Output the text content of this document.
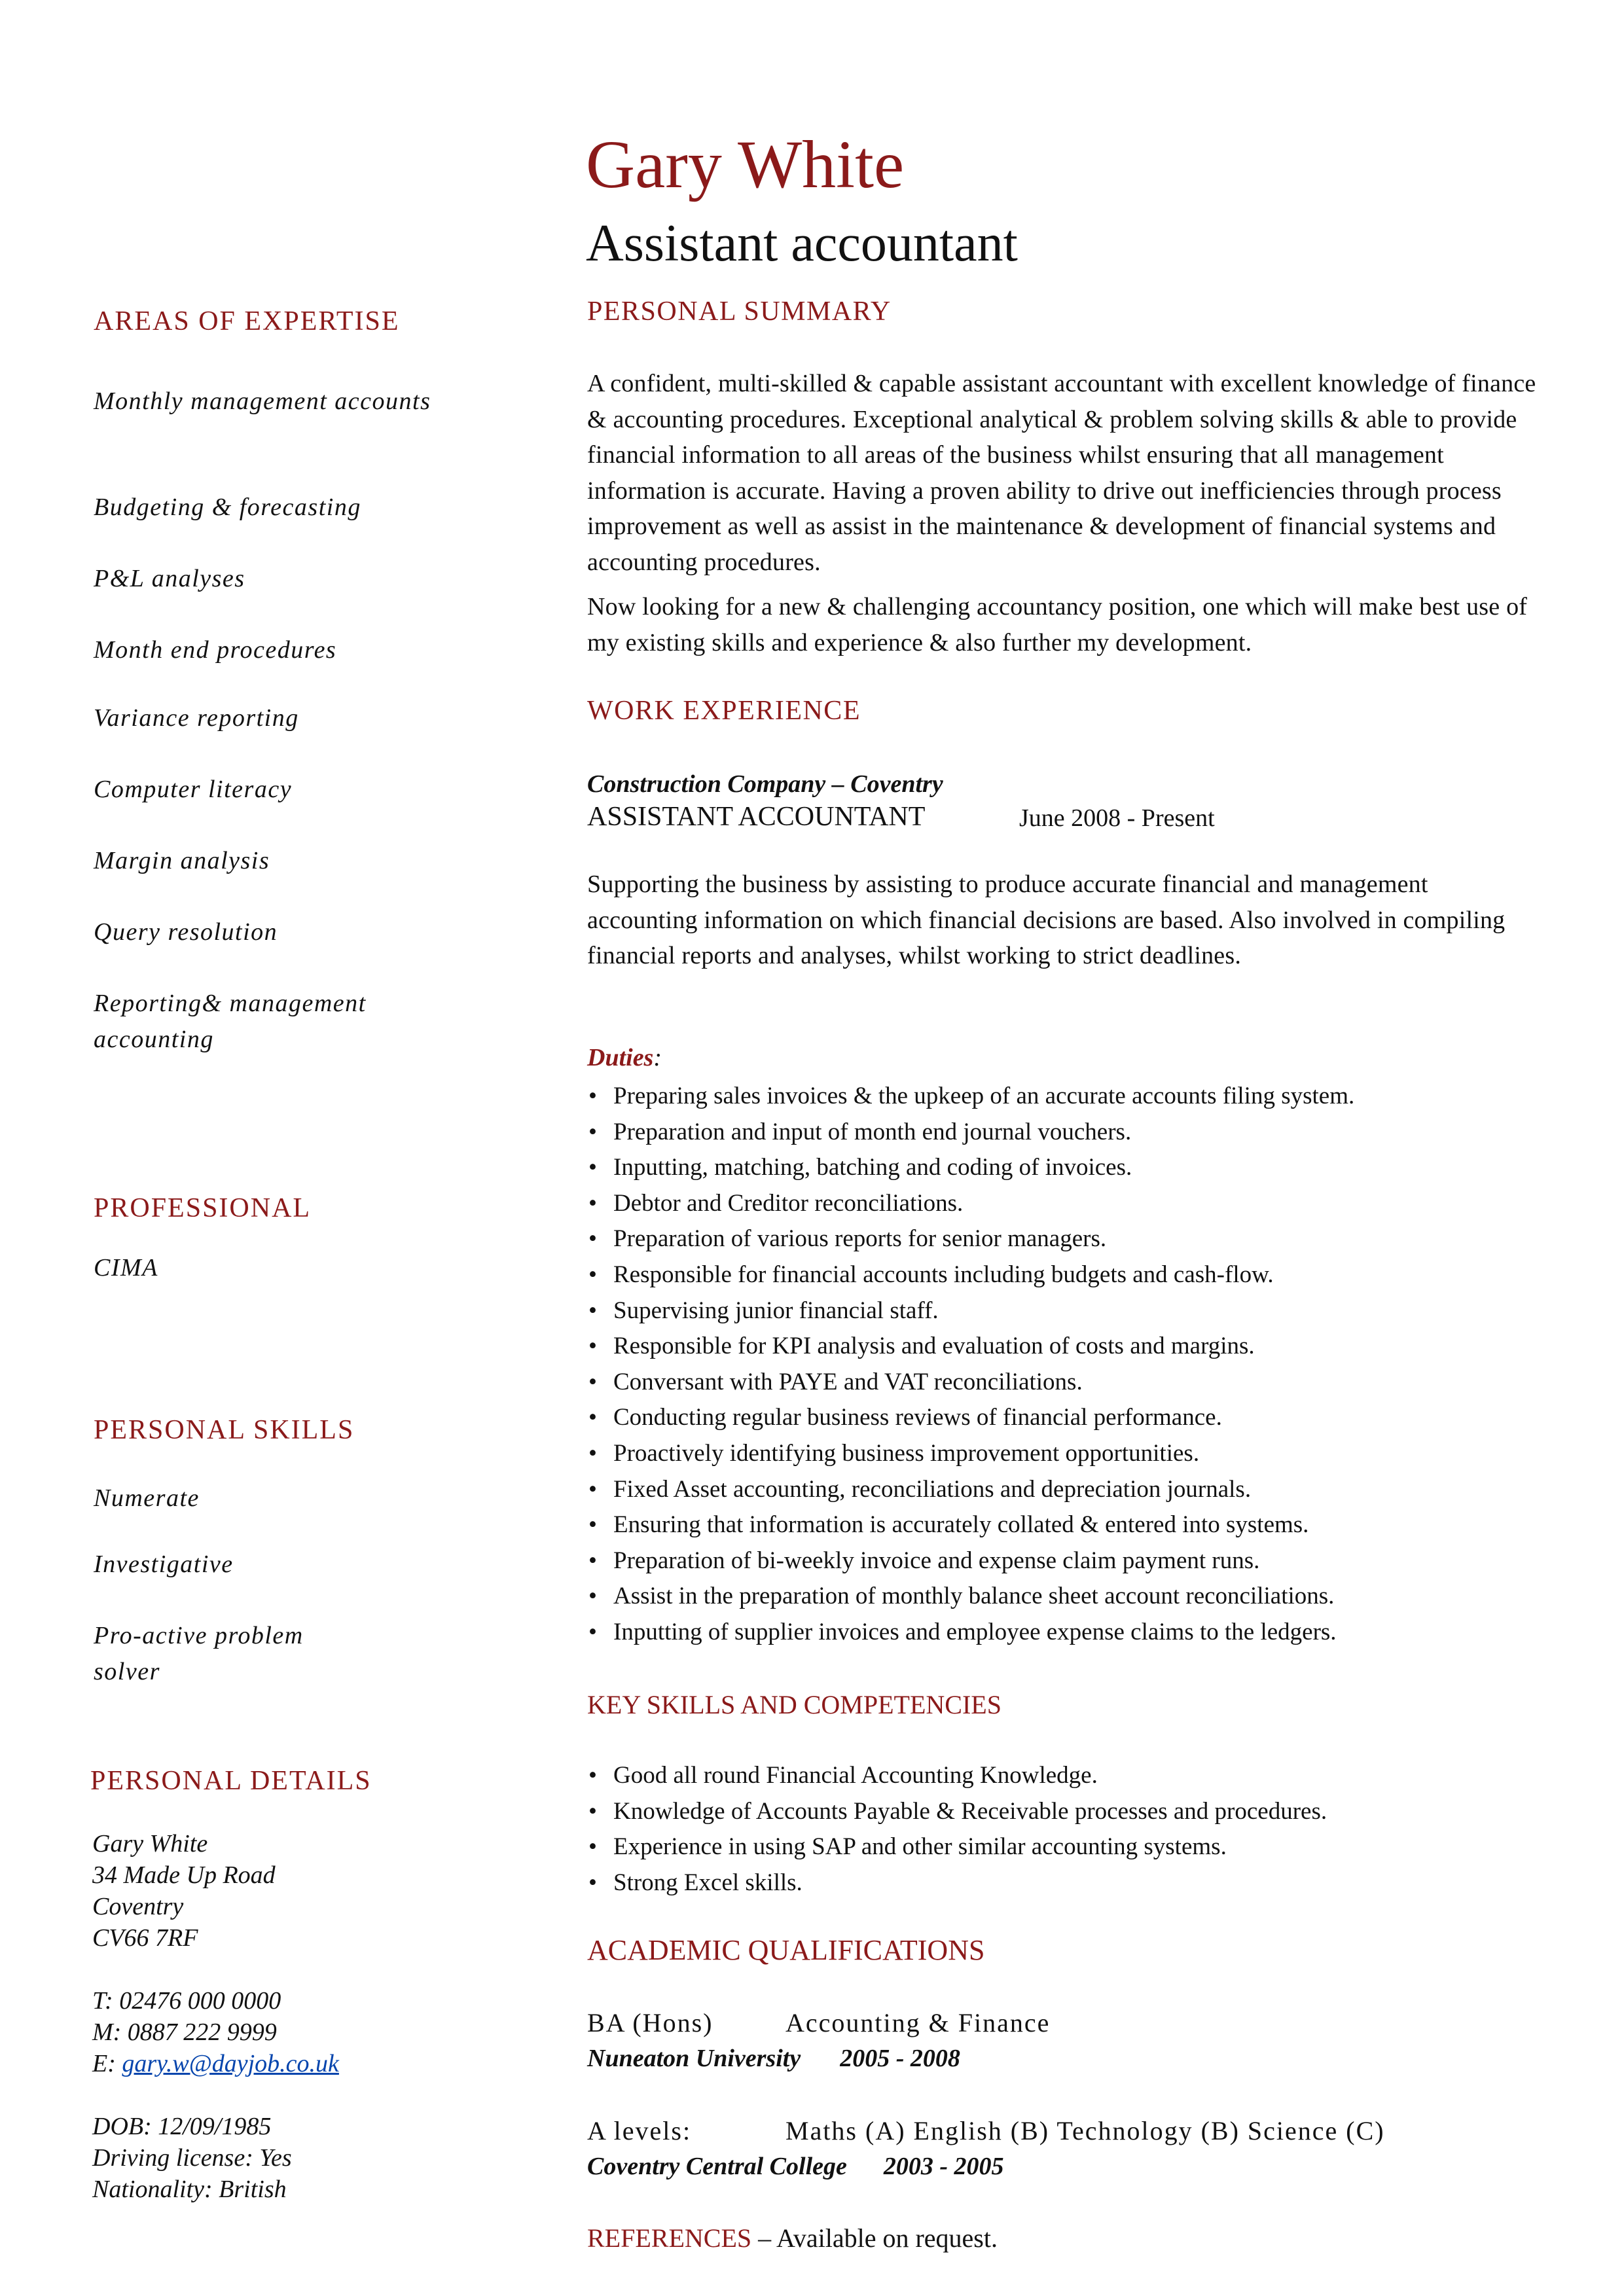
Gary White
Assistant accountant
AREAS OF EXPERTISE
Monthly management accounts
Budgeting & forecasting
P&L analyses
Month end procedures
Variance reporting
Computer literacy
Margin analysis
Query resolution
Reporting& management accounting
PROFESSIONAL
CIMA
PERSONAL SKILLS
Numerate
Investigative
Pro-active problem solver
PERSONAL DETAILS
Gary White
34 Made Up Road
Coventry
CV66 7RF
T: 02476 000 0000
M: 0887 222 9999
E: gary.w@dayjob.co.uk
DOB: 12/09/1985
Driving license: Yes
Nationality: British
PERSONAL SUMMARY
A confident, multi-skilled & capable assistant accountant with excellent knowledge of finance & accounting procedures. Exceptional analytical & problem solving skills & able to provide financial information to all areas of the business whilst ensuring that all management information is accurate. Having a proven ability to drive out inefficiencies through process improvement as well as assist in the maintenance & development of financial systems and accounting procedures.
Now looking for a new & challenging accountancy position, one which will make best use of my existing skills and experience & also further my development.
WORK EXPERIENCE
Construction Company – Coventry
ASSISTANT ACCOUNTANT	June 2008 - Present
Supporting the business by assisting to produce accurate financial and management accounting information on which financial decisions are based. Also involved in compiling financial reports and analyses, whilst working to strict deadlines.
Duties:
• Preparing sales invoices & the upkeep of an accurate accounts filing system.
• Preparation and input of month end journal vouchers.
• Inputting, matching, batching and coding of invoices.
• Debtor and Creditor reconciliations.
• Preparation of various reports for senior managers.
• Responsible for financial accounts including budgets and cash-flow.
• Supervising junior financial staff.
• Responsible for KPI analysis and evaluation of costs and margins.
• Conversant with PAYE and VAT reconciliations.
• Conducting regular business reviews of financial performance.
• Proactively identifying business improvement opportunities.
• Fixed Asset accounting, reconciliations and depreciation journals.
• Ensuring that information is accurately collated & entered into systems.
• Preparation of bi-weekly invoice and expense claim payment runs.
• Assist in the preparation of monthly balance sheet account reconciliations.
• Inputting of supplier invoices and employee expense claims to the ledgers.
KEY SKILLS AND COMPETENCIES
• Good all round Financial Accounting Knowledge.
• Knowledge of Accounts Payable & Receivable processes and procedures.
• Experience in using SAP and other similar accounting systems.
• Strong Excel skills.
ACADEMIC QUALIFICATIONS
BA (Hons)	Accounting & Finance
Nuneaton University 2005 - 2008
A levels:	Maths (A) English (B) Technology (B) Science (C)
Coventry Central College 2003 - 2005
REFERENCES – Available on request.
